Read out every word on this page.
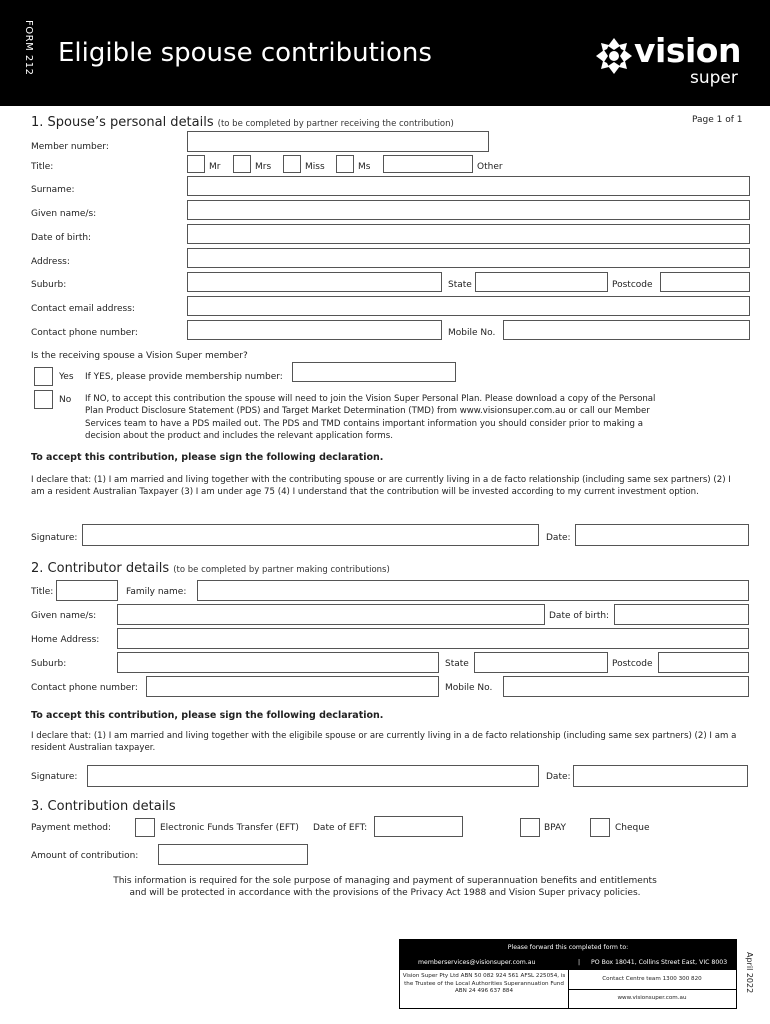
FORM 212 Eligible spouse contributions	vision
super
1. Spouse’s personal details (to be completed by partner receiving the contribution)	Page 1 of 1
Member number:
Title:	Mr	Mrs	Miss	Ms	Other
Surname:
Given name/s:
Date of birth:
Address:
Suburb:	State	Postcode
Contact email address:
Contact phone number:	Mobile No.
Is the receiving spouse a Vision Super member?
Yes If YES, please provide membership number:
No If NO, to accept this contribution the spouse will need to join the Vision Super Personal Plan. Please download a copy of the Personal Plan Product Disclosure Statement (PDS) and Target Market Determination (TMD) from www.visionsuper.com.au or call our Member Services team to have a PDS mailed out. The PDS and TMD contains important information you should consider prior to making a decision about the product and includes the relevant application forms.
To accept this contribution, please sign the following declaration.
I declare that: (1) I am married and living together with the contributing spouse or are currently living in a de facto relationship (including same sex partners) (2) I am a resident Australian Taxpayer (3) I am under age 75 (4) I understand that the contribution will be invested according to my current investment option.
Signature:	Date:
2. Contributor details (to be completed by partner making contributions)
Title:	Family name:
Given name/s:	Date of birth:
Home Address:
Suburb:	State	Postcode
Contact phone number:	Mobile No.
To accept this contribution, please sign the following declaration.
I declare that: (1) I am married and living together with the eligibile spouse or are currently living in a de facto relationship (including same sex partners) (2) I am a resident Australian taxpayer.
Signature:	Date:
3. Contribution details
Payment method:	Electronic Funds Transfer (EFT) Date of EFT:	BPAY	Cheque
Amount of contribution:
This information is required for the sole purpose of managing and payment of superannuation benefits and entitlements
and will be protected in accordance with the provisions of the Privacy Act 1988 and Vision Super privacy policies.
Please forward this completed form to:
memberservices@visionsuper.com.au	| PO Box 18041, Collins Street East, VIC 8003
Vision Super Pty Ltd ABN 50 082 924 561 AFSL 225054, is the Trustee of the Local Authorities Superannuation Fund ABN 24 496 637 884
Contact Centre team 1300 300 820
www.visionsuper.com.au
April 2022
